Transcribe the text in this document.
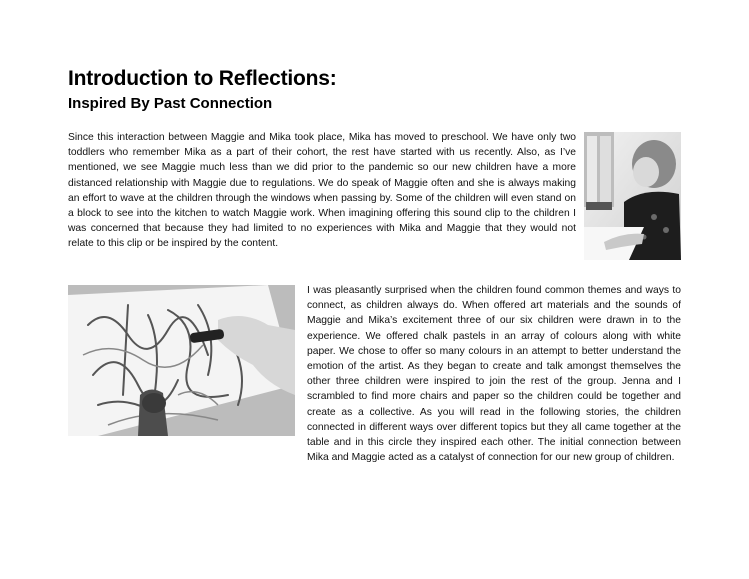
Introduction to Reflections:
Inspired By Past Connection

Since this interaction between Maggie and Mika took place, Mika has moved to preschool. We have only two toddlers who remember Mika as a part of their cohort, the rest have started with us recently. Also, as I’ve mentioned, we see Maggie much less than we did prior to the pandemic so our new children have a more distanced relationship with Maggie due to regulations. We do speak of Maggie often and she is always making an effort to wave at the children through the windows when passing by. Some of the children will even stand on a block to see into the kitchen to watch Maggie work. When imagining offering this sound clip to the children I was concerned that because they had limited to no experiences with Mika and Maggie that they would not relate to this clip or be inspired by the content.

I was pleasantly surprised when the children found common themes and ways to connect, as children always do. When offered art materials and the sounds of Maggie and Mika’s excitement three of our six children were drawn in to the experience. We offered chalk pastels in an array of colours along with white paper. We chose to offer so many colours in an attempt to better understand the emotion of the artist. As they began to create and talk amongst themselves the other three children were inspired to join the rest of the group. Jenna and I scrambled to find more chairs and paper so the children could be together and create as a collective. As you will read in the following stories, the children connected in different ways over different topics but they all came together at the table and in this circle they inspired each other. The initial connection between Mika and Maggie acted as a catalyst of connection for our new group of children.
